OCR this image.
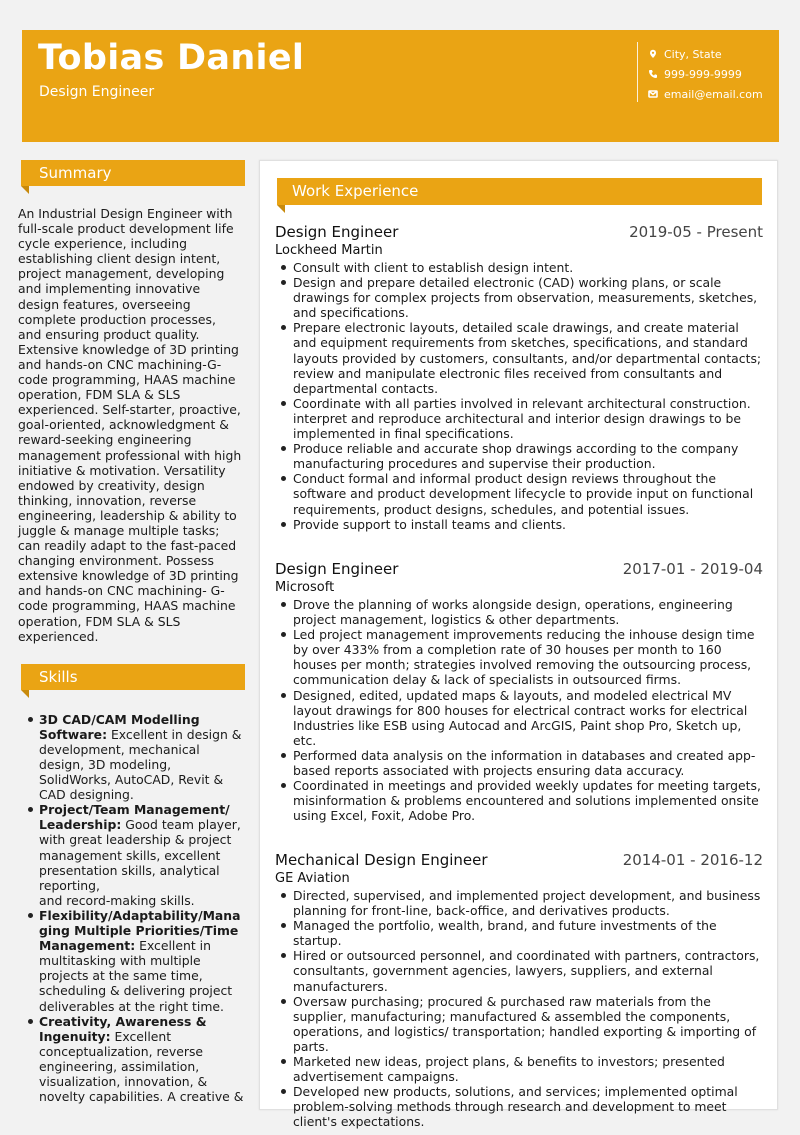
Tobias Daniel
Design Engineer
City, State
999-999-9999
email@email.com
Summary

An Industrial Design Engineer with full-scale product development life cycle experience, including establishing client design intent, project management, developing and implementing innovative design features, overseeing complete production processes, and ensuring product quality. Extensive knowledge of 3D printing and hands-on CNC machining-G-code programming, HAAS machine operation, FDM SLA & SLS experienced. Self-starter, proactive, goal-oriented, acknowledgment & reward-seeking engineering management professional with high initiative & motivation. Versatility endowed by creativity, design thinking, innovation, reverse engineering, leadership & ability to juggle & manage multiple tasks; can readily adapt to the fast-paced changing environment. Possess extensive knowledge of 3D printing and hands-on CNC machining- G-code programming, HAAS machine operation, FDM SLA & SLS experienced.

Skills
3D CAD/CAM Modelling Software: Excellent in design & development, mechanical design, 3D modeling, SolidWorks, AutoCAD, Revit & CAD designing.
Project/Team Management/ Leadership: Good team player, with great leadership & project management skills, excellent presentation skills, analytical reporting,
and record-making skills.
Flexibility/Adaptability/Managing Multiple Priorities/Time Management: Excellent in multitasking with multiple projects at the same time, scheduling & delivering project deliverables at the right time.
Creativity, Awareness & Ingenuity: Excellent conceptualization, reverse engineering, assimilation, visualization, innovation, & novelty capabilities. A creative &
Work Experience
Design Engineer	2019-05 - Present
Lockheed Martin
Consult with client to establish design intent.
Design and prepare detailed electronic (CAD) working plans, or scale drawings for complex projects from observation, measurements, sketches, and specifications.
Prepare electronic layouts, detailed scale drawings, and create material and equipment requirements from sketches, specifications, and standard layouts provided by customers, consultants, and/or departmental contacts; review and manipulate electronic files received from consultants and departmental contacts.
Coordinate with all parties involved in relevant architectural construction. interpret and reproduce architectural and interior design drawings to be implemented in final specifications.
Produce reliable and accurate shop drawings according to the company manufacturing procedures and supervise their production.
Conduct formal and informal product design reviews throughout the software and product development lifecycle to provide input on functional requirements, product designs, schedules, and potential issues.
Provide support to install teams and clients.
Design Engineer	2017-01 - 2019-04
Microsoft
Drove the planning of works alongside design, operations, engineering project management, logistics & other departments.
Led project management improvements reducing the inhouse design time by over 433% from a completion rate of 30 houses per month to 160 houses per month; strategies involved removing the outsourcing process, communication delay & lack of specialists in outsourced firms.
Designed, edited, updated maps & layouts, and modeled electrical MV layout drawings for 800 houses for electrical contract works for electrical Industries like ESB using Autocad and ArcGIS, Paint shop Pro, Sketch up, etc.
Performed data analysis on the information in databases and created app-based reports associated with projects ensuring data accuracy.
Coordinated in meetings and provided weekly updates for meeting targets, misinformation & problems encountered and solutions implemented onsite using Excel, Foxit, Adobe Pro.
Mechanical Design Engineer	2014-01 - 2016-12
GE Aviation
Directed, supervised, and implemented project development, and business planning for front-line, back-office, and derivatives products.
Managed the portfolio, wealth, brand, and future investments of the startup.
Hired or outsourced personnel, and coordinated with partners, contractors, consultants, government agencies, lawyers, suppliers, and external manufacturers.
Oversaw purchasing; procured & purchased raw materials from the supplier, manufacturing; manufactured & assembled the components, operations, and logistics/ transportation; handled exporting & importing of parts.
Marketed new ideas, project plans, & benefits to investors; presented advertisement campaigns.
Developed new products, solutions, and services; implemented optimal problem-solving methods through research and development to meet client's expectations.
